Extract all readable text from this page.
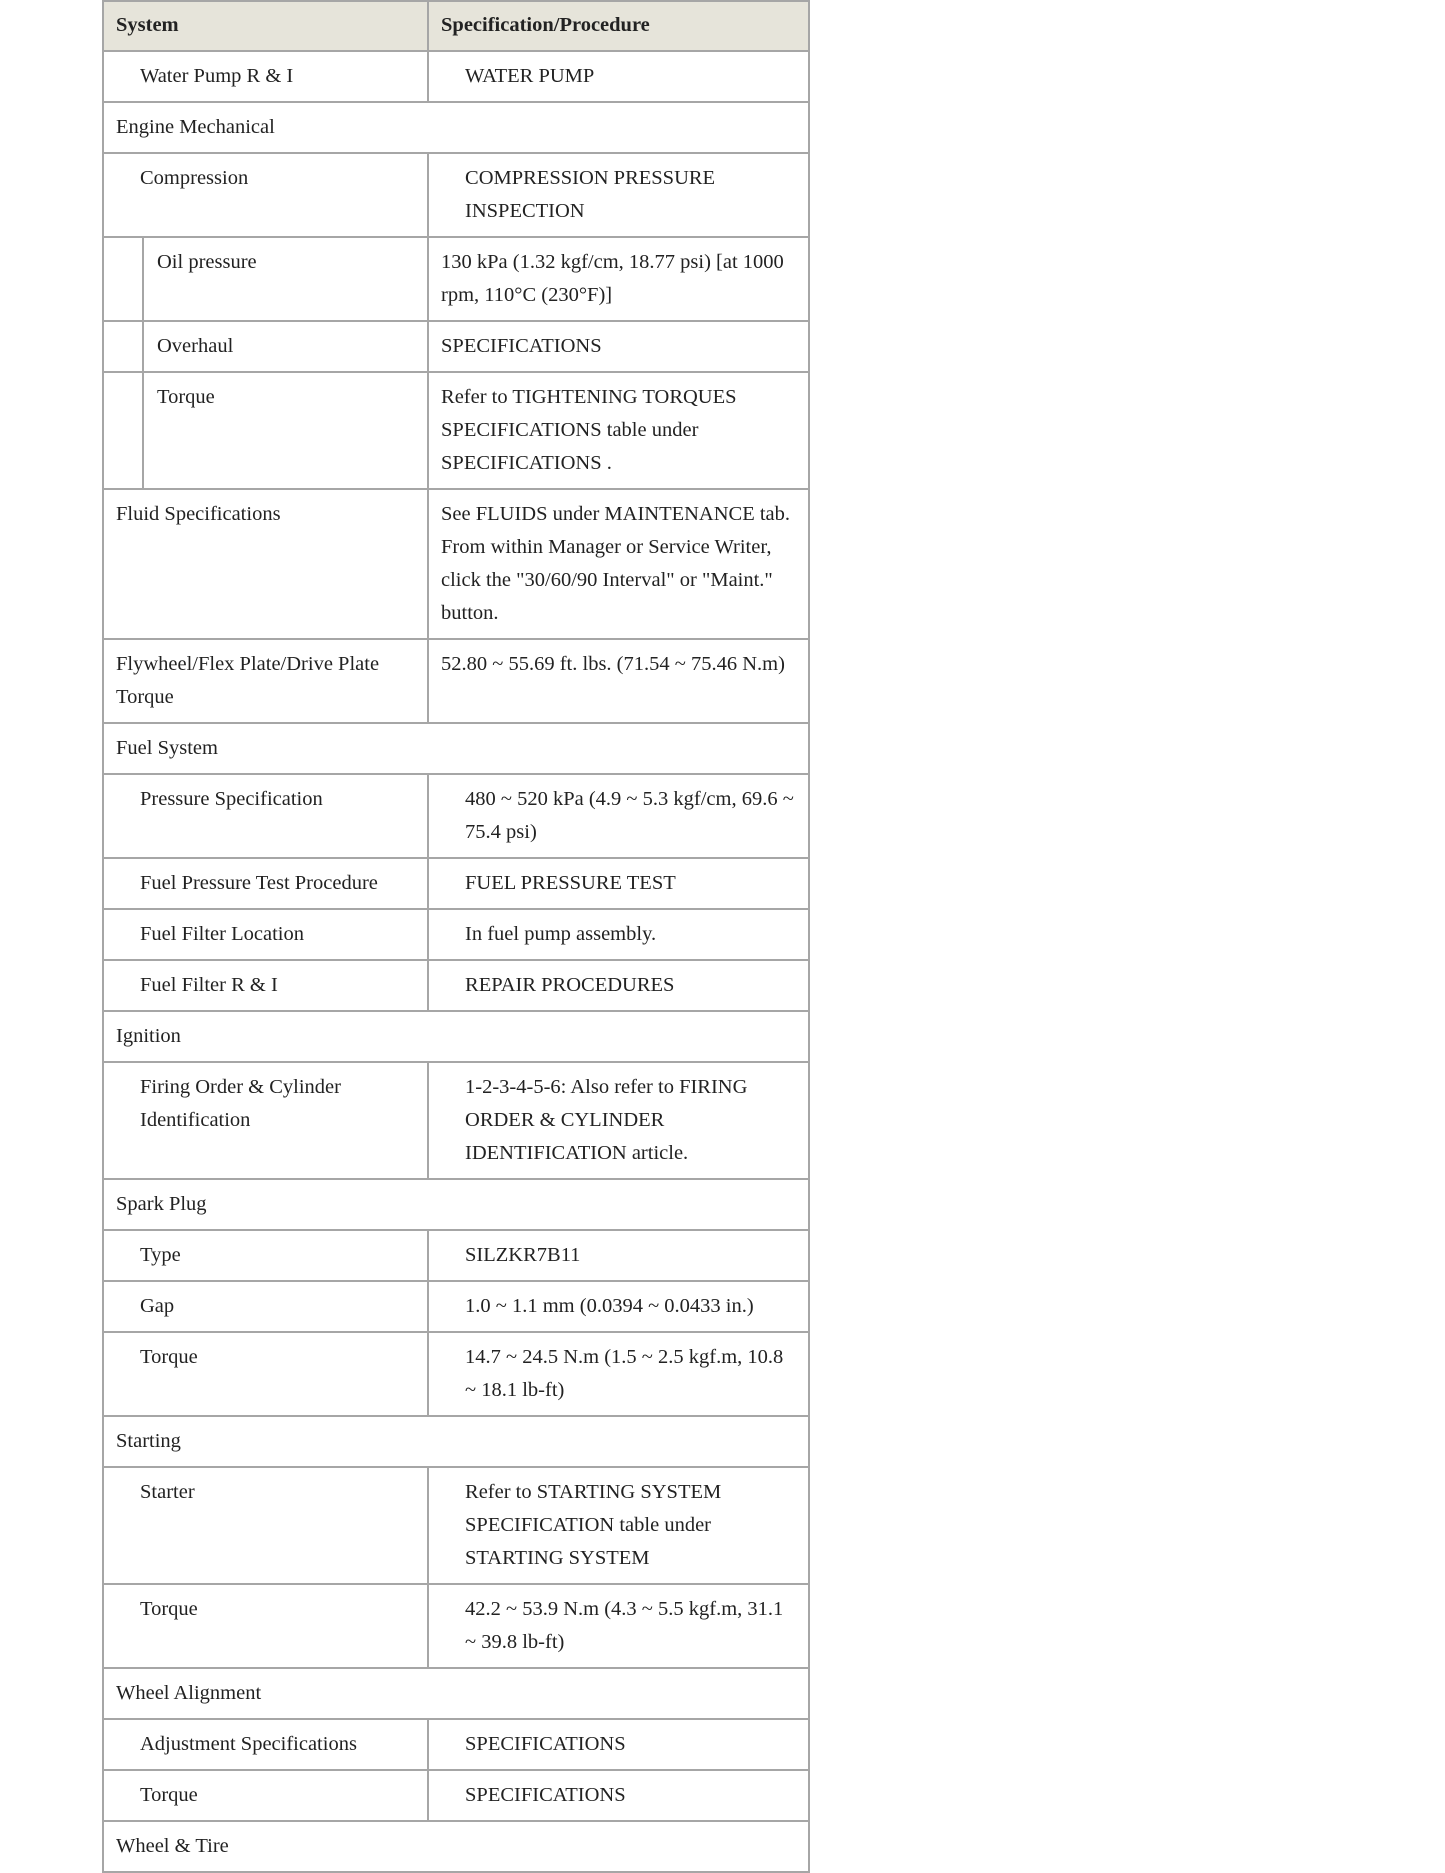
System		Specification/Procedure
Water Pump R & I		WATER PUMP
Engine Mechanical		
Compression		COMPRESSION PRESSURE INSPECTION
	Oil pressure	130 kPa (1.32 kgf/cm, 18.77 psi) [at 1000 rpm, 110°C (230°F)]
	Overhaul	SPECIFICATIONS
	Torque	Refer to TIGHTENING TORQUES SPECIFICATIONS table under SPECIFICATIONS .
Fluid Specifications		See FLUIDS under MAINTENANCE tab. From within Manager or Service Writer, click the "30/60/90 Interval" or "Maint." button.
Flywheel/Flex Plate/Drive Plate Torque		52.80 ~ 55.69 ft. lbs. (71.54 ~ 75.46 N.m)
Fuel System		
Pressure Specification		480 ~ 520 kPa (4.9 ~ 5.3 kgf/cm, 69.6 ~ 75.4 psi)
Fuel Pressure Test Procedure		FUEL PRESSURE TEST
Fuel Filter Location		In fuel pump assembly.
Fuel Filter R & I		REPAIR PROCEDURES
Ignition		
Firing Order & Cylinder Identification		1-2-3-4-5-6: Also refer to FIRING ORDER & CYLINDER IDENTIFICATION article.
Spark Plug		
Type		SILZKR7B11
Gap		1.0 ~ 1.1 mm (0.0394 ~ 0.0433 in.)
Torque		14.7 ~ 24.5 N.m (1.5 ~ 2.5 kgf.m, 10.8 ~ 18.1 lb-ft)
Starting		
Starter		Refer to STARTING SYSTEM SPECIFICATION table under STARTING SYSTEM
Torque		42.2 ~ 53.9 N.m (4.3 ~ 5.5 kgf.m, 31.1 ~ 39.8 lb-ft)
Wheel Alignment		
Adjustment Specifications		SPECIFICATIONS
Torque		SPECIFICATIONS
Wheel & Tire		
